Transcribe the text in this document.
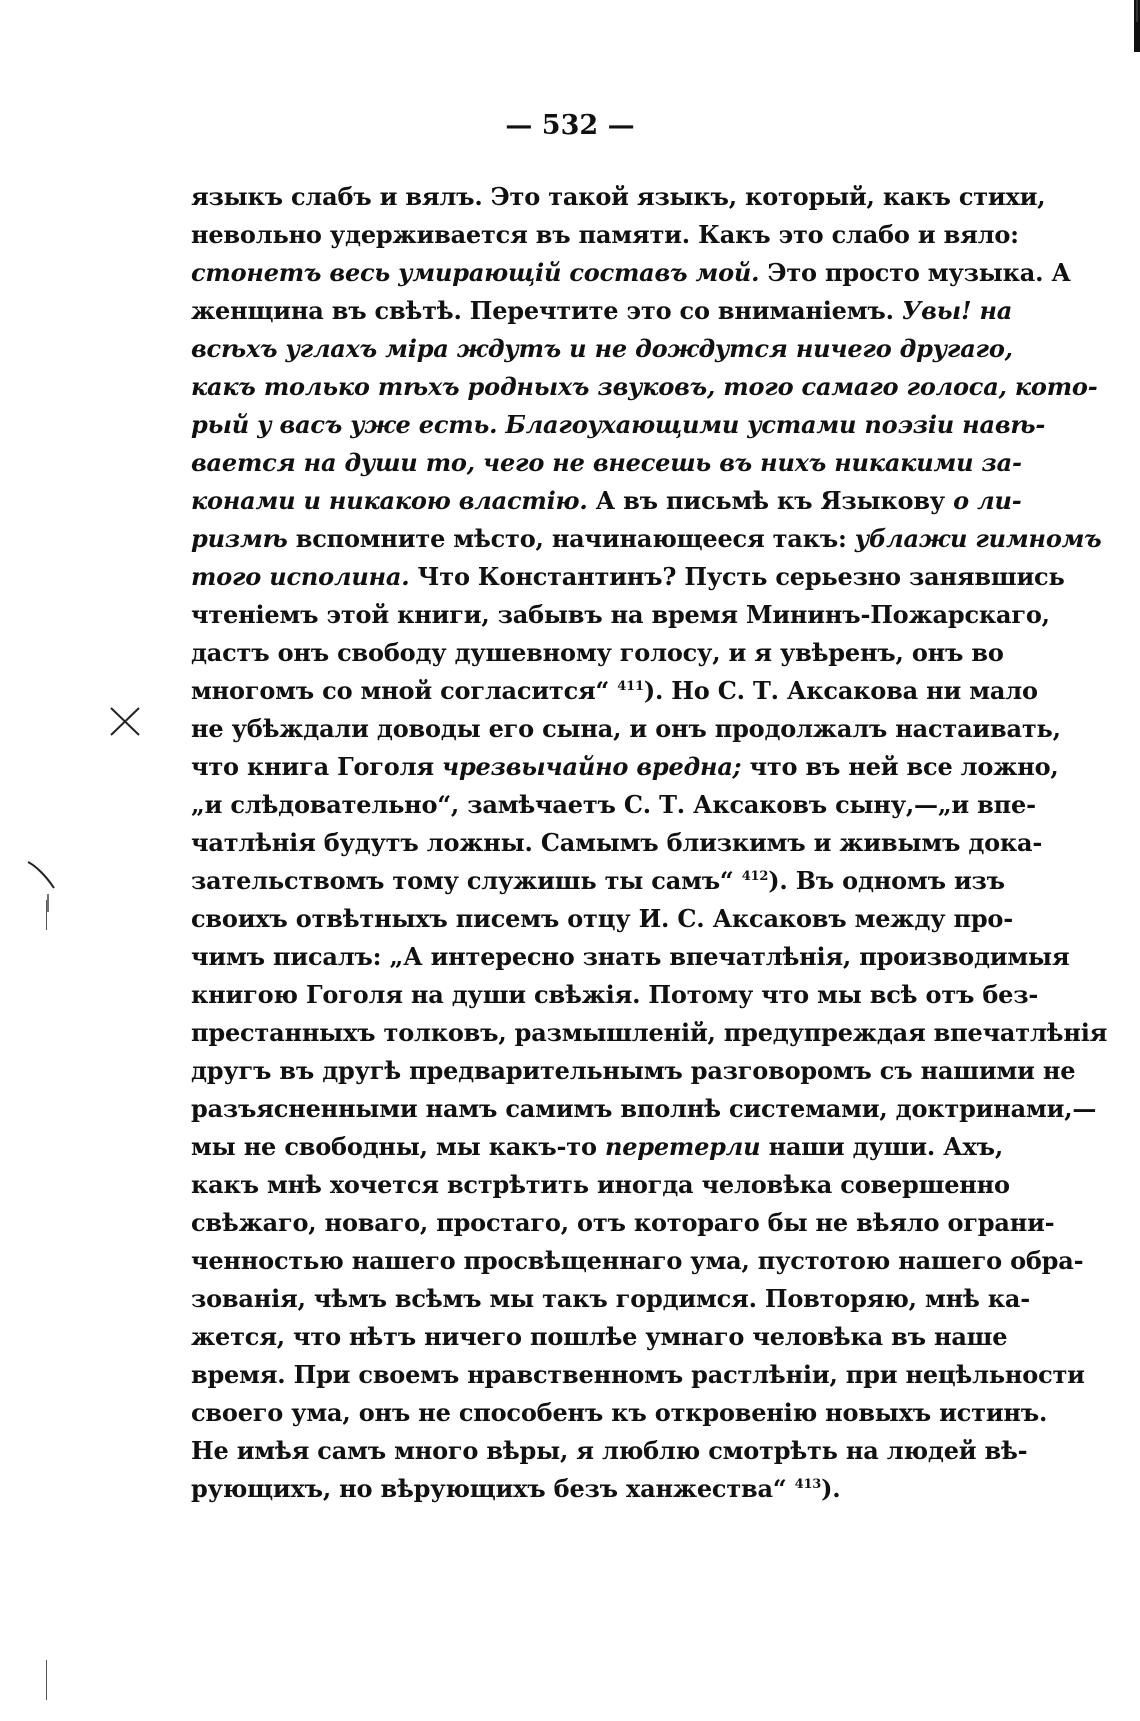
— 532 —
языкъ слабъ и вялъ. Это такой языкъ, который, какъ стихи,
невольно удерживается въ памяти. Какъ это слабо и вяло:
стонетъ весь умирающій составъ мой. Это просто музыка. А
женщина въ свѣтѣ. Перечтите это со вниманіемъ. Увы! на
всѣхъ углахъ міра ждутъ и не дождутся ничего другаго,
какъ только тѣхъ родныхъ звуковъ, того самаго голоса, кото-
рый у васъ уже есть. Благоухающими устами поэзіи навѣ-
вается на души то, чего не внесешь въ нихъ никакими за-
конами и никакою властію. А въ письмѣ къ Языкову о ли-
ризмѣ вспомните мѣсто, начинающееся такъ: ублажи гимномъ
того исполина. Что Константинъ? Пусть серьезно занявшись
чтеніемъ этой книги, забывъ на время Мининъ-Пожарскаго,
дастъ онъ свободу душевному голосу, и я увѣренъ, онъ во
многомъ со мной согласится“ $^{411}$). Но С. Т. Аксакова ни мало
не убѣждали доводы его сына, и онъ продолжалъ настаивать,
что книга Гоголя чрезвычайно вредна; что въ ней все ложно,
„и слѣдовательно“, замѣчаетъ С. Т. Аксаковъ сыну,—„и впе-
чатлѣнія будутъ ложны. Самымъ близкимъ и живымъ дока-
зательствомъ тому служишь ты самъ“ $^{412}$). Въ одномъ изъ
своихъ отвѣтныхъ писемъ отцу И. С. Аксаковъ между про-
чимъ писалъ: „А интересно знать впечатлѣнія, производимыя
книгою Гоголя на души свѣжія. Потому что мы всѣ отъ без-
престанныхъ толковъ, размышленій, предупреждая впечатлѣнія
другъ въ другѣ предварительнымъ разговоромъ съ нашими не
разъясненными намъ самимъ вполнѣ системами, доктринами,—
мы не свободны, мы какъ-то перетерли наши души. Ахъ,
какъ мнѣ хочется встрѣтить иногда человѣка совершенно
свѣжаго, новаго, простаго, отъ котораго бы не вѣяло ограни-
ченностью нашего просвѣщеннаго ума, пустотою нашего обра-
зованія, чѣмъ всѣмъ мы такъ гордимся. Повторяю, мнѣ ка-
жется, что нѣтъ ничего пошлѣе умнаго человѣка въ наше
время. При своемъ нравственномъ растлѣніи, при нецѣльности
своего ума, онъ не способенъ къ откровенію новыхъ истинъ.
Не имѣя самъ много вѣры, я люблю смотрѣть на людей вѣ-
рующихъ, но вѣрующихъ безъ ханжества“ $^{413}$).
